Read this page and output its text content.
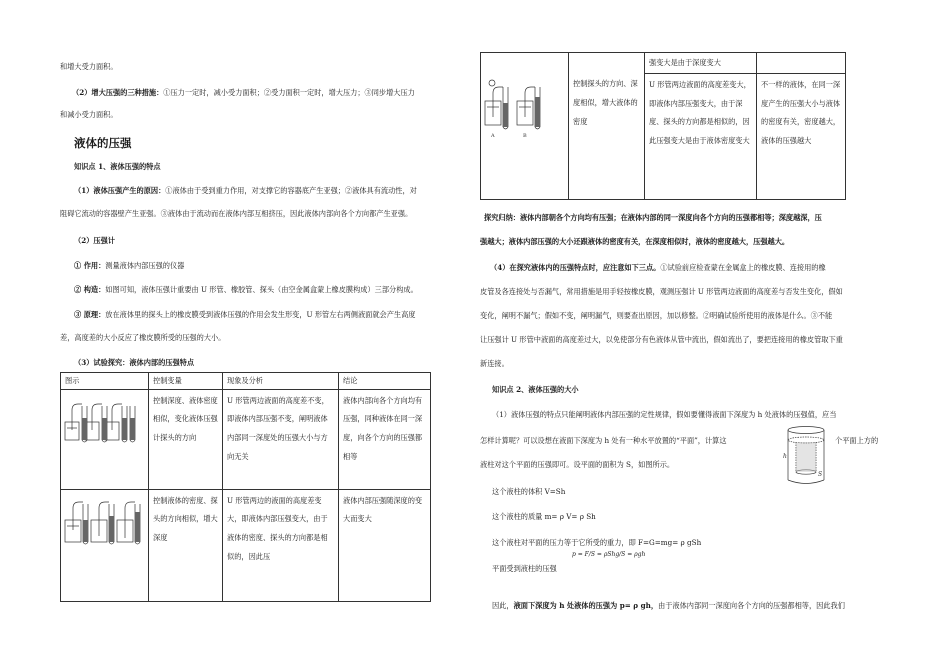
和增大受力面积。
（2）增大压强的三种措施：①压力一定时，减小受力面积；②受力面积一定时，增大压力；③同步增大压力
和减小受力面积。
液体的压强
知识点 1、液体压强的特点
（1）液体压强产生的原因：①液体由于受到重力作用，对支撑它的容器底产生亚强；②液体具有流动性，对
阻碍它流动的容器壁产生亚强。③液体由于流动而在液体内部互相挤压，因此液体内部向各个方向都产生亚强。
（2）压强计
① 作用：测量液体内部压强的仪器
② 构造：如图可知，液体压强计重要由 U 形管、橡胶管、探头（由空金属盒蒙上橡皮膜构成）三部分构成。
③ 原理：放在液体里的探头上的橡皮膜受到液体压强的作用会发生形变，U 形管左右两侧液面就会产生高度
差，高度差的大小反应了橡皮膜所受的压强的大小。
（3）试验探究：液体内部的压强特点
图示	控制变量	现象及分析	结论

	控制深度、液体密度相似，变化液体压强计探头的方向	U 形管两边液面的高度差不变，即液体内部压强不变，阐明液体内部同一深度处的压强大小与方向无关	液体内部向各个方向均有压强，同种液体在同一深度，向各个方向的压强都相等

	控制液体的密度、探头的方向相似，增大深度	U 形管两边的液面的高度差变大，即液体内部压强变大，由于液体的密度、探头的方向都是相似的，因此压	液体内部压强随深度的变大而变大
		强变大是由于深度变大	

A B	控制探头的方向、深度相似，增大液体的密度	U 形管两边液面的高度差变大，即液体内部压强变大，由于深度、探头的方向都是相似的，因此压强变大是由于液体密度变大	不一样的液体，在同一深度产生的压强大小与液体的密度有关，密度越大，液体的压强越大
探究归纳：液体内部朝各个方向均有压强；在液体内部的同一深度向各个方向的压强都相等；深度越深，压
强越大；液体内部压强的大小还跟液体的密度有关，在深度相似时，液体的密度越大，压强越大。
（4）在探究液体内的压强特点时，应注意如下三点。①试验前应检查蒙在金属盒上的橡皮膜、连接用的橡
皮管及各连接处与否漏气，常用措施是用手轻按橡皮膜，观测压强计 U 形管两边液面的高度差与否发生变化，假如
变化，阐明不漏气；假如不变，阐明漏气，则要查出原因，加以修整。②明确试验所使用的液体是什么。③不能
让压强计 U 形管中液面的高度差过大，以免使部分有色液体从管中流出，假如流出了，要把连接用的橡皮管取下重
新连接。
知识点 2、液体压强的大小
（1）液体压强的特点只能阐明液体内部压强的定性规律，假如要懂得液面下深度为 h 处液体的压强值，应当
怎样计算呢？可以设想在液面下深度为 h 处有一种水平放置的“平面”，计算这	个平面上方的
液柱对这个平面的压强即可。设平面的面积为 S，如图所示。
h
S
这个液柱的体积 V=Sh
这个液柱的质量 m= ρ V= ρ Sh
这个液柱对平面的压力等于它所受的重力，即 F=G=mg= ρ gSh
p = F/S = ρShg/S = ρgh
平面受到液柱的压强
因此，液面下深度为 h 处液体的压强为 p= ρ gh，由于液体内部同一深度向各个方向的压强都相等，因此我们
